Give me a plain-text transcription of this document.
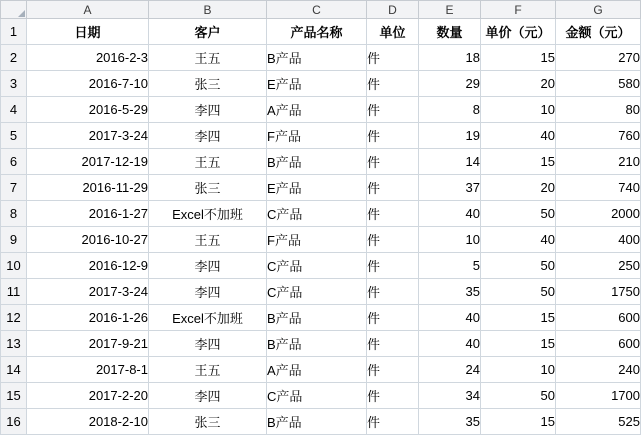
	A	B	C	D	E	F	G
1	日期	客户	产品名称	单位	数量	单价（元）	金额（元）
2	2016-2-3	王五	B产品	件	18	15	270
3	2016-7-10	张三	E产品	件	29	20	580
4	2016-5-29	李四	A产品	件	8	10	80
5	2017-3-24	李四	F产品	件	19	40	760
6	2017-12-19	王五	B产品	件	14	15	210
7	2016-11-29	张三	E产品	件	37	20	740
8	2016-1-27	Excel不加班	C产品	件	40	50	2000
9	2016-10-27	王五	F产品	件	10	40	400
10	2016-12-9	李四	C产品	件	5	50	250
11	2017-3-24	李四	C产品	件	35	50	1750
12	2016-1-26	Excel不加班	B产品	件	40	15	600
13	2017-9-21	李四	B产品	件	40	15	600
14	2017-8-1	王五	A产品	件	24	10	240
15	2017-2-20	李四	C产品	件	34	50	1700
16	2018-2-10	张三	B产品	件	35	15	525
